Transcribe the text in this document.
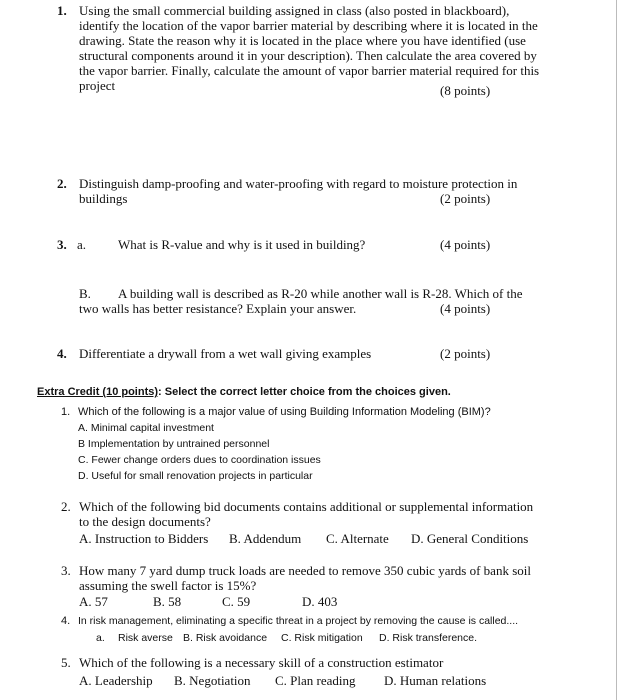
1. Using the small commercial building assigned in class (also posted in blackboard),
identify the location of the vapor barrier material by describing where it is located in the
drawing. State the reason why it is located in the place where you have identified (use
structural components around it in your description). Then calculate the area covered by
the vapor barrier. Finally, calculate the amount of vapor barrier material required for this
project	(8 points)
2. Distinguish damp-proofing and water-proofing with regard to moisture protection in
buildings	(2 points)
3. a. What is R-value and why is it used in building?	(4 points)
B. A building wall is described as R-20 while another wall is R-28. Which of the
two walls has better resistance? Explain your answer.	(4 points)
4. Differentiate a drywall from a wet wall giving examples	(2 points)
Extra Credit (10 points): Select the correct letter choice from the choices given.
1. Which of the following is a major value of using Building Information Modeling (BIM)?
A. Minimal capital investment
B Implementation by untrained personnel
C. Fewer change orders dues to coordination issues
D. Useful for small renovation projects in particular
2. Which of the following bid documents contains additional or supplemental information
to the design documents?
A. Instruction to Bidders B. Addendum C. Alternate D. General Conditions
3. How many 7 yard dump truck loads are needed to remove 350 cubic yards of bank soil
assuming the swell factor is 15%?
A. 57	B. 58	C. 59	D. 403
4. In risk management, eliminating a specific threat in a project by removing the cause is called....
a. Risk averse B. Risk avoidance C. Risk mitigation D. Risk transference.
5. Which of the following is a necessary skill of a construction estimator
A. Leadership B. Negotiation C. Plan reading D. Human relations
